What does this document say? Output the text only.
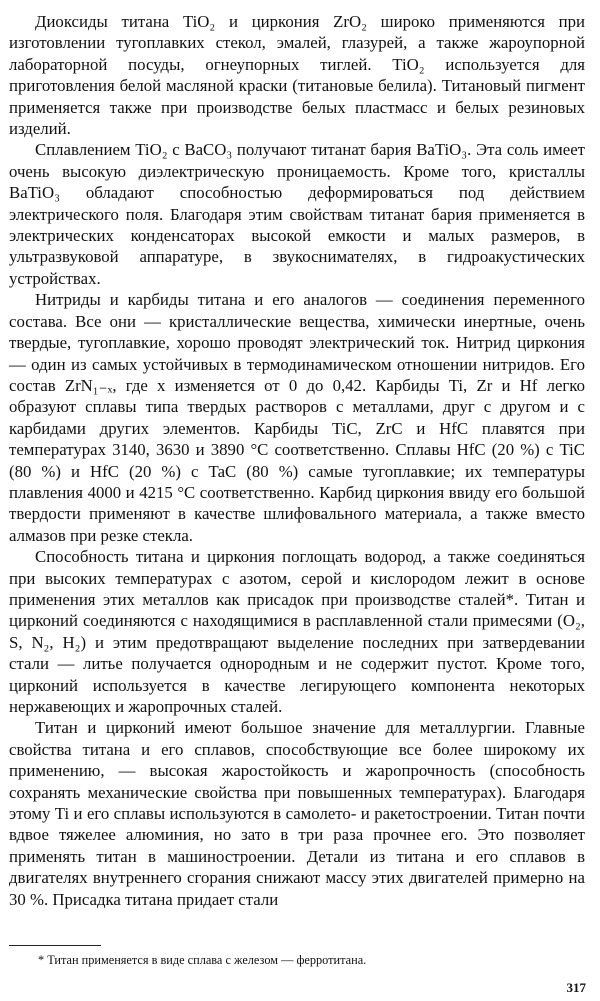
Диоксиды титана TiO₂ и циркония ZrO₂ широко применяются при изготовлении тугоплавких стекол, эмалей, глазурей, а также жароупорной лабораторной посуды, огнеупорных тиглей. TiO₂ используется для приготовления белой масляной краски (титановые белила). Титановый пигмент применяется также при производстве белых пластмасс и белых резиновых изделий.

Сплавлением TiO₂ с BaCO₃ получают титанат бария BaTiO₃. Эта соль имеет очень высокую диэлектрическую проницаемость. Кроме того, кристаллы BaTiO₃ обладают способностью деформироваться под действием электрического поля. Благодаря этим свойствам титанат бария применяется в электрических конденсаторах высокой емкости и малых размеров, в ультразвуковой аппаратуре, в звукоснимателях, в гидроакустических устройствах.

Нитриды и карбиды титана и его аналогов — соединения переменного состава. Все они — кристаллические вещества, химически инертные, очень твердые, тугоплавкие, хорошо проводят электрический ток. Нитрид циркония — один из самых устойчивых в термодинамическом отношении нитридов. Его состав ZrN₁₋ₓ, где x изменяется от 0 до 0,42. Карбиды Ti, Zr и Hf легко образуют сплавы типа твердых растворов с металлами, друг с другом и с карбидами других элементов. Карбиды TiC, ZrC и HfC плавятся при температурах 3140, 3630 и 3890 °C соответственно. Сплавы HfC (20 %) с TiC (80 %) и HfC (20 %) с TaC (80 %) самые тугоплавкие; их температуры плавления 4000 и 4215 °C соответственно. Карбид циркония ввиду его большой твердости применяют в качестве шлифовального материала, а также вместо алмазов при резке стекла.

Способность титана и циркония поглощать водород, а также соединяться при высоких температурах с азотом, серой и кислородом лежит в основе применения этих металлов как присадок при производстве сталей*. Титан и цирконий соединяются с находящимися в расплавленной стали примесями (O₂, S, N₂, H₂) и этим предотвращают выделение последних при затвердевании стали — литье получается однородным и не содержит пустот. Кроме того, цирконий используется в качестве легирующего компонента некоторых нержавеющих и жаропрочных сталей.

Титан и цирконий имеют большое значение для металлургии. Главные свойства титана и его сплавов, способствующие все более широкому их применению, — высокая жаростойкость и жаропрочность (способность сохранять механические свойства при повышенных температурах). Благодаря этому Ti и его сплавы используются в самолето- и ракетостроении. Титан почти вдвое тяжелее алюминия, но зато в три раза прочнее его. Это позволяет применять титан в машиностроении. Детали из титана и его сплавов в двигателях внутреннего сгорания снижают массу этих двигателей примерно на 30 %. Присадка титана придает стали

* Титан применяется в виде сплава с железом — ферротитана.

317
